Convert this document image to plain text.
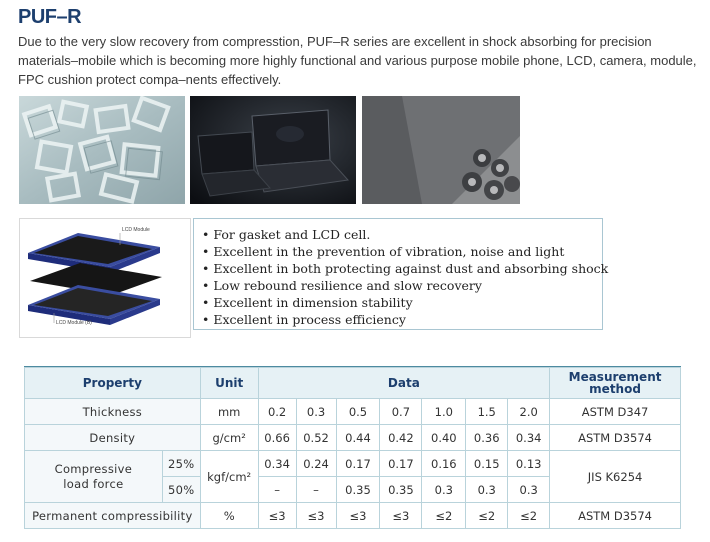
PUF–R
Due to the very slow recovery from compresstion, PUF–R series are excellent in shock absorbing for precision materials–mobile which is becoming more highly functional and various purpose mobile phone, LCD, camera, module, FPC cushion protect compa–nents effectively.
LCD Module
LCD Module (B)
• For gasket and LCD cell.
• Excellent in the prevention of vibration, noise and light
• Excellent in both protecting against dust and absorbing shock
• Low rebound resilience and slow recovery
• Excellent in dimension stability
• Excellent in process efficiency
Property		Unit	Data							Measurement
method
Thickness		mm	0.2	0.3	0.5	0.7	1.0	1.5	2.0	ASTM D347
Density		g/cm²	0.66	0.52	0.44	0.42	0.40	0.36	0.34	ASTM D3574
Compressive
load force	25%	kgf/cm²	0.34	0.24	0.17	0.17	0.16	0.15	0.13	JIS K6254
	50%		–	–	0.35	0.35	0.3	0.3	0.3	
Permanent compressibility		%	≤3	≤3	≤3	≤3	≤2	≤2	≤2	ASTM D3574
